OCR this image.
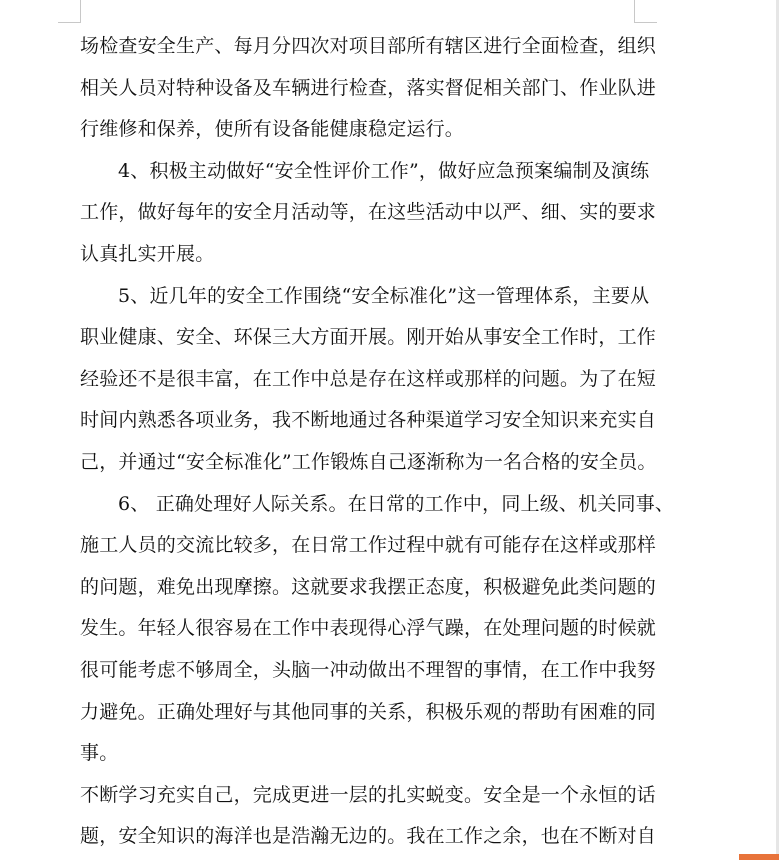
场检查安全生产、每月分四次对项目部所有辖区进行全面检查，组织
相关人员对特种设备及车辆进行检查，落实督促相关部门、作业队进
行维修和保养，使所有设备能健康稳定运行。

4、积极主动做好“安全性评价工作”，做好应急预案编制及演练
工作，做好每年的安全月活动等，在这些活动中以严、细、实的要求
认真扎实开展。

5、近几年的安全工作围绕“安全标准化”这一管理体系，主要从
职业健康、安全、环保三大方面开展。刚开始从事安全工作时，工作
经验还不是很丰富，在工作中总是存在这样或那样的问题。为了在短
时间内熟悉各项业务，我不断地通过各种渠道学习安全知识来充实自
己，并通过“安全标准化”工作锻炼自己逐渐称为一名合格的安全员。

6、 正确处理好人际关系。在日常的工作中，同上级、机关同事、
施工人员的交流比较多，在日常工作过程中就有可能存在这样或那样
的问题，难免出现摩擦。这就要求我摆正态度，积极避免此类问题的
发生。年轻人很容易在工作中表现得心浮气躁，在处理问题的时候就
很可能考虑不够周全，头脑一冲动做出不理智的事情，在工作中我努
力避免。正确处理好与其他同事的关系，积极乐观的帮助有困难的同
事。

不断学习充实自己，完成更进一层的扎实蜕变。安全是一个永恒的话
题，安全知识的海洋也是浩瀚无边的。我在工作之余，也在不断对自
